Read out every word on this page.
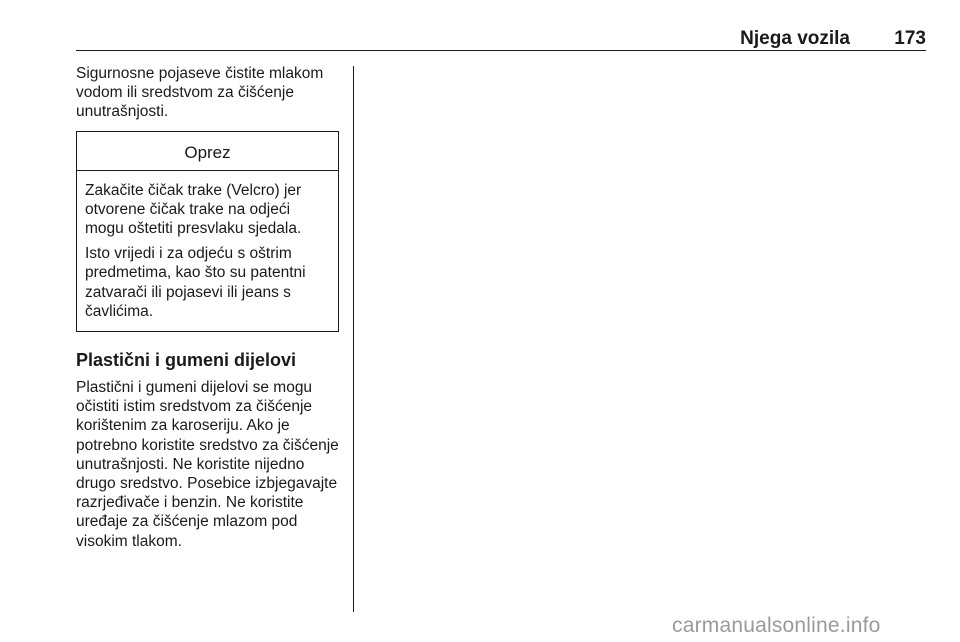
Njega vozila 173

Sigurnosne pojaseve čistite mlakom vodom ili sredstvom za čišćenje unutrašnjosti.

Oprez

Zakačite čičak trake (Velcro) jer otvorene čičak trake na odjeći mogu oštetiti presvlaku sjedala.

Isto vrijedi i za odjeću s oštrim predmetima, kao što su patentni zatvarači ili pojasevi ili jeans s čavlićima.

Plastični i gumeni dijelovi

Plastični i gumeni dijelovi se mogu očistiti istim sredstvom za čišćenje korištenim za karoseriju. Ako je potrebno koristite sredstvo za čišćenje unutrašnjosti. Ne koristite nijedno drugo sredstvo. Posebice izbjegavajte razrjeđivače i benzin. Ne koristite uređaje za čišćenje mlazom pod visokim tlakom.

carmanualsonline.info
